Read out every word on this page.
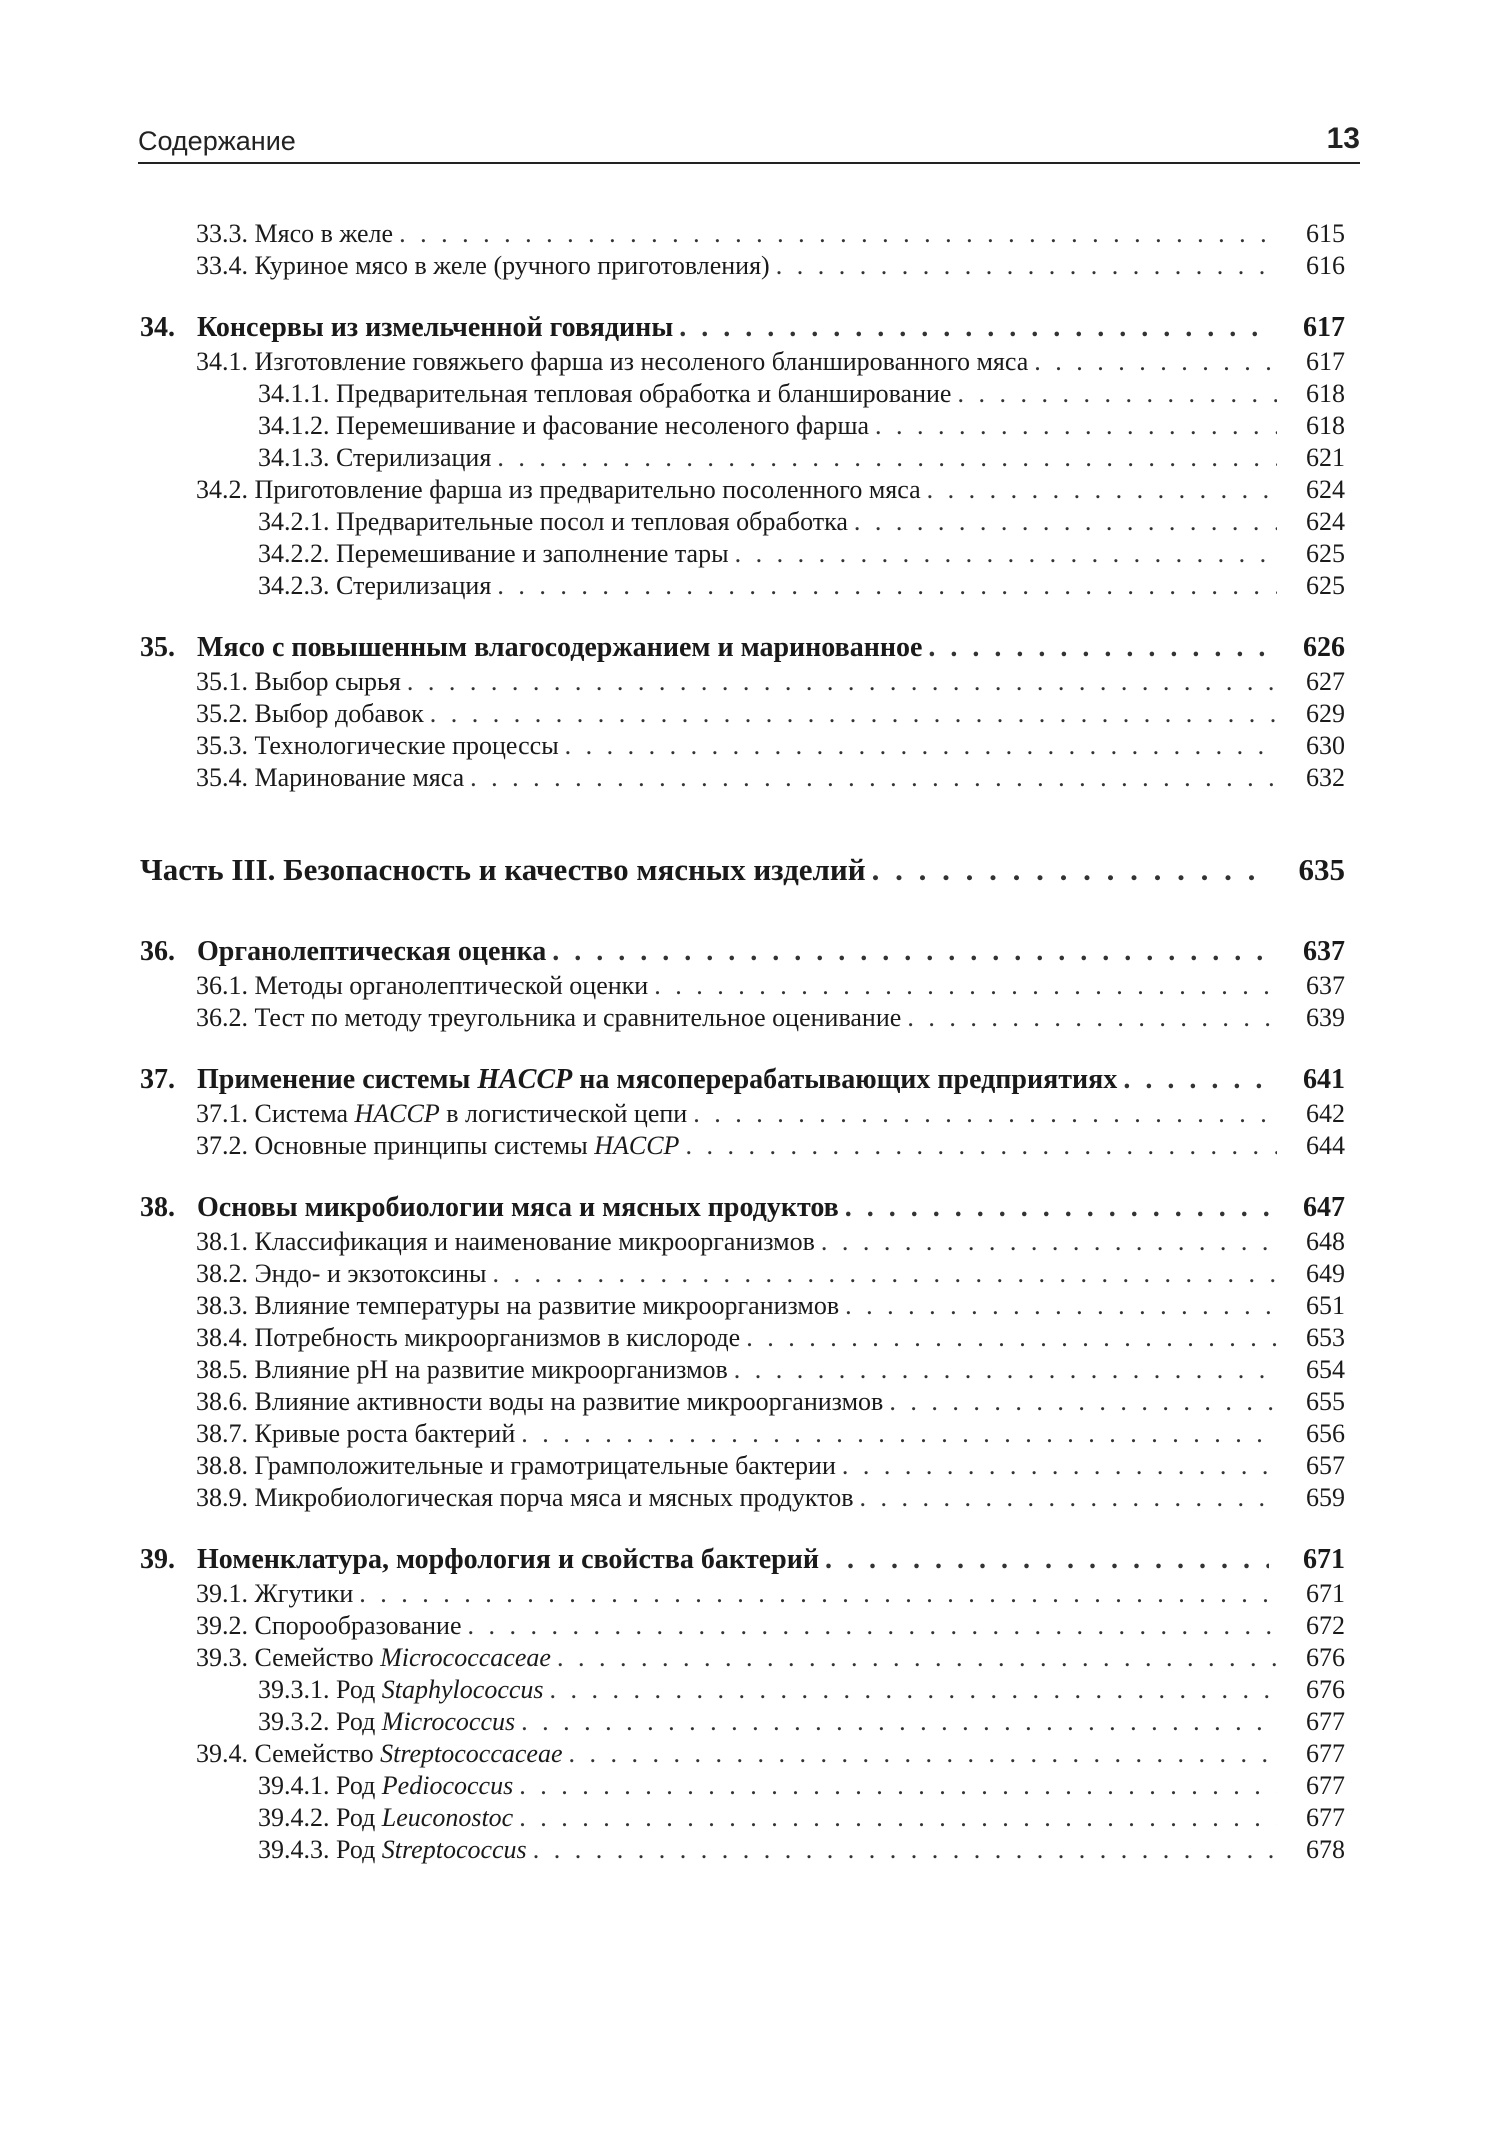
Содержание	13
33.3. Мясо в желе . . .	615
33.4. Куриное мясо в желе (ручного приготовления) . . .	616
34. Консервы из измельченной говядины . . .	617
34.1. Изготовление говяжьего фарша из несоленого бланшированного мяса . . .	617
34.1.1. Предварительная тепловая обработка и бланширование . . .	618
34.1.2. Перемешивание и фасование несоленого фарша . . .	618
34.1.3. Стерилизация . . .	621
34.2. Приготовление фарша из предварительно посоленного мяса . . .	624
34.2.1. Предварительные посол и тепловая обработка . . .	624
34.2.2. Перемешивание и заполнение тары . . .	625
34.2.3. Стерилизация . . .	625
35. Мясо с повышенным влагосодержанием и маринованное . . .	626
35.1. Выбор сырья . . .	627
35.2. Выбор добавок . . .	629
35.3. Технологические процессы . . .	630
35.4. Маринование мяса . . .	632
Часть III. Безопасность и качество мясных изделий . . .	635
36. Органолептическая оценка . . .	637
36.1. Методы органолептической оценки . . .	637
36.2. Тест по методу треугольника и сравнительное оценивание . . .	639
37. Применение системы HACCP на мясоперерабатывающих предприятиях . . .	641
37.1. Система HACCP в логистической цепи . . .	642
37.2. Основные принципы системы HACCP . . .	644
38. Основы микробиологии мяса и мясных продуктов . . .	647
38.1. Классификация и наименование микроорганизмов . . .	648
38.2. Эндо- и экзотоксины . . .	649
38.3. Влияние температуры на развитие микроорганизмов . . .	651
38.4. Потребность микроорганизмов в кислороде . . .	653
38.5. Влияние pH на развитие микроорганизмов . . .	654
38.6. Влияние активности воды на развитие микроорганизмов . . .	655
38.7. Кривые роста бактерий . . .	656
38.8. Грамположительные и грамотрицательные бактерии . . .	657
38.9. Микробиологическая порча мяса и мясных продуктов . . .	659
39. Номенклатура, морфология и свойства бактерий . . .	671
39.1. Жгутики . . .	671
39.2. Спорообразование . . .	672
39.3. Семейство Micrococcaceae . . .	676
39.3.1. Род Staphylococcus . . .	676
39.3.2. Род Micrococcus . . .	677
39.4. Семейство Streptococcaceae . . .	677
39.4.1. Род Pediococcus . . .	677
39.4.2. Род Leuconostoc . . .	677
39.4.3. Род Streptococcus . . .	678
